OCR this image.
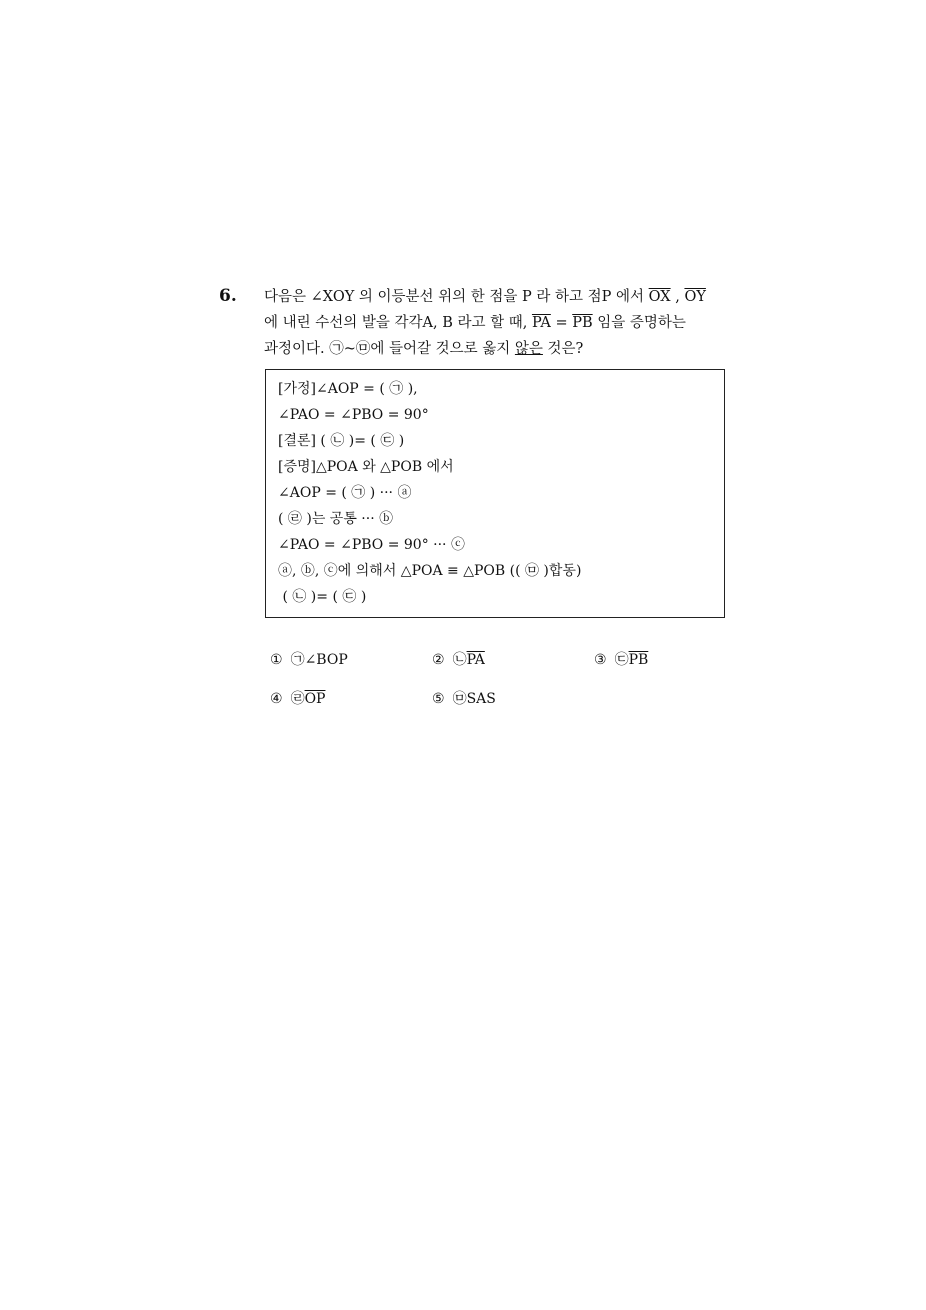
6. 다음은 ∠XOY 의 이등분선 위의 한 점을 P 라 하고 점P 에서 $\overline{OX}$ , $\overline{OY}$
에 내린 수선의 발을 각각A, B 라고 할 때, $\overline{PA} = \overline{PB}$ 임을 증명하는
과정이다. ㉠~㉤에 들어갈 것으로 옳지 않은 것은?
[가정]∠AOP = ( ㉠ ),
∠PAO = ∠PBO = 90°
[결론] ( ㉡ )= ( ㉢ )
[증명]△POA 와 △POB 에서
∠AOP = ( ㉠ ) ··· ⓐ
( ㉣ )는 공통 ··· ⓑ
∠PAO = ∠PBO = 90° ··· ⓒ
ⓐ, ⓑ, ⓒ에 의해서 △POA ≡ △POB (( ㉤ )합동)
( ㉡ )= ( ㉢ )
① ㉠∠BOP	② $㉡\overline{PA}$	③ $㉢\overline{PB}$
④ $㉣\overline{OP}$	⑤ ㉤SAS
